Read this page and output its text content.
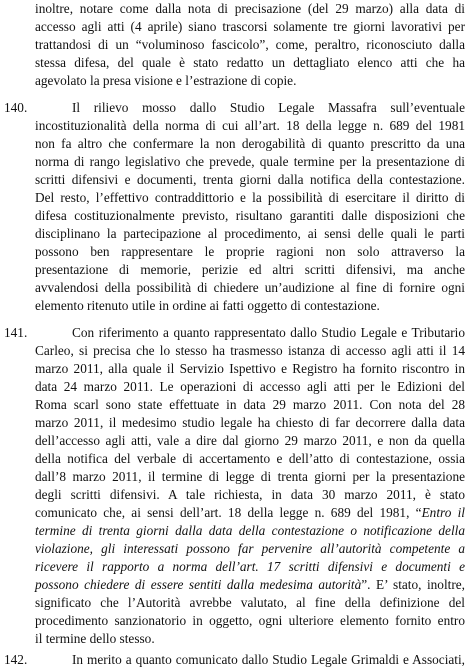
inoltre, notare come dalla nota di precisazione (del 29 marzo) alla data di
accesso agli atti (4 aprile) siano trascorsi solamente tre giorni lavorativi per
trattandosi di un “voluminoso fascicolo”, come, peraltro, riconosciuto dalla
stessa difesa, del quale è stato redatto un dettagliato elenco atti che ha
agevolato la presa visione e l’estrazione di copie.
140.	Il rilievo mosso dallo Studio Legale Massafra sull’eventuale
incostituzionalità della norma di cui all’art. 18 della legge n. 689 del 1981
non fa altro che confermare la non derogabilità di quanto prescritto da una
norma di rango legislativo che prevede, quale termine per la presentazione di
scritti difensivi e documenti, trenta giorni dalla notifica della contestazione.
Del resto, l’effettivo contraddittorio e la possibilità di esercitare il diritto di
difesa costituzionalmente previsto, risultano garantiti dalle disposizioni che
disciplinano la partecipazione al procedimento, ai sensi delle quali le parti
possono ben rappresentare le proprie ragioni non solo attraverso la
presentazione di memorie, perizie ed altri scritti difensivi, ma anche
avvalendosi della possibilità di chiedere un’audizione al fine di fornire ogni
elemento ritenuto utile in ordine ai fatti oggetto di contestazione.
141.	Con riferimento a quanto rappresentato dallo Studio Legale e Tributario
Carleo, si precisa che lo stesso ha trasmesso istanza di accesso agli atti il 14
marzo 2011, alla quale il Servizio Ispettivo e Registro ha fornito riscontro in
data 24 marzo 2011. Le operazioni di accesso agli atti per le Edizioni del
Roma scarl sono state effettuate in data 29 marzo 2011. Con nota del 28
marzo 2011, il medesimo studio legale ha chiesto di far decorrere dalla data
dell’accesso agli atti, vale a dire dal giorno 29 marzo 2011, e non da quella
della notifica del verbale di accertamento e dell’atto di contestazione, ossia
dall’8 marzo 2011, il termine di legge di trenta giorni per la presentazione
degli scritti difensivi. A tale richiesta, in data 30 marzo 2011, è stato
comunicato che, ai sensi dell’art. 18 della legge n. 689 del 1981, “Entro il
termine di trenta giorni dalla data della contestazione o notificazione della
violazione, gli interessati possono far pervenire all’autorità competente a
ricevere il rapporto a norma dell’art. 17 scritti difensivi e documenti e
possono chiedere di essere sentiti dalla medesima autorità”. E’ stato, inoltre,
significato che l’Autorità avrebbe valutato, al fine della definizione del
procedimento sanzionatorio in oggetto, ogni ulteriore elemento fornito entro
il termine dello stesso.
142.	In merito a quanto comunicato dallo Studio Legale Grimaldi e Associati,
